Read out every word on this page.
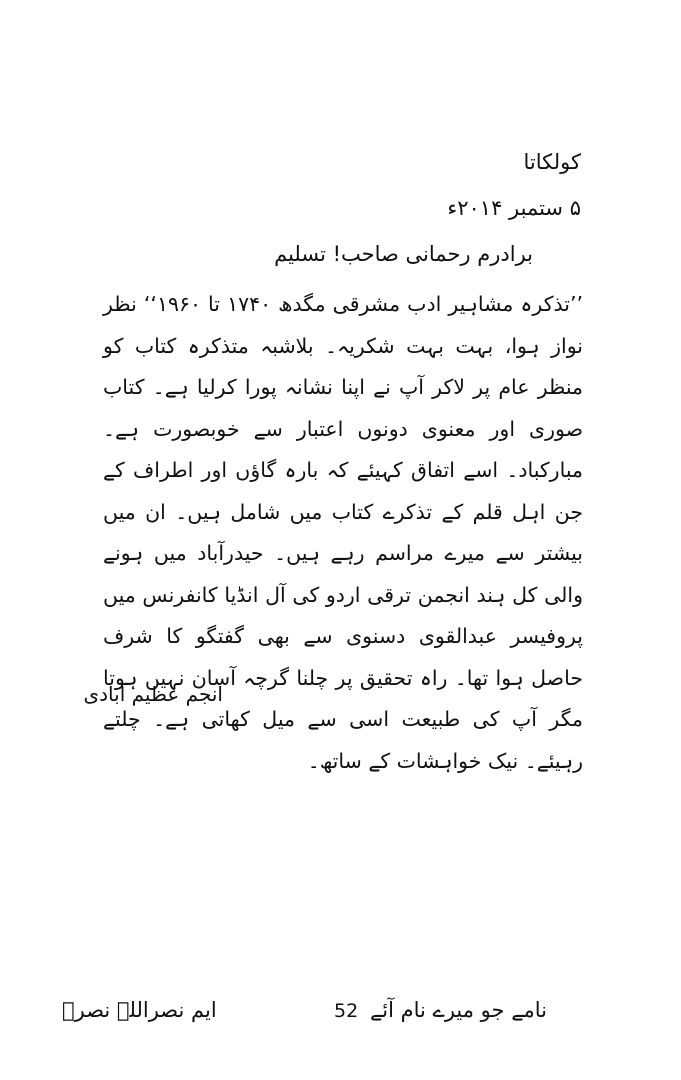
کولکاتا
۵ ستمبر ۲۰۱۴ء
برادرم رحمانی صاحب! تسلیم
’’تذکرہ مشاہیر ادب مشرقی مگدھ ۱۷۴۰ تا ۱۹۶۰‘‘ نظر نواز ہوا، بہت بہت شکریہ۔ بلاشبہ متذکرہ کتاب کو منظر عام پر لاکر آپ نے اپنا نشانہ پورا کرلیا ہے۔ کتاب صوری اور معنوی دونوں اعتبار سے خوبصورت ہے۔ مبارکباد۔ اسے اتفاق کہیئے کہ بارہ گاؤں اور اطراف کے جن اہل قلم کے تذکرے کتاب میں شامل ہیں۔ ان میں بیشتر سے میرے مراسم رہے ہیں۔ حیدرآباد میں ہونے والی کل ہند انجمن ترقی اردو کی آل انڈیا کانفرنس میں پروفیسر عبدالقوی دسنوی سے بھی گفتگو کا شرف حاصل ہوا تھا۔ راہ تحقیق پر چلنا گرچہ آسان نہیں ہوتا مگر آپ کی طبیعت اسی سے میل کھاتی ہے۔ چلتے رہیئے۔ نیک خواہشات کے ساتھ۔
انجم عظیم آبادی
ایم نصراللہ نصرؔ	52 نامے جو میرے نام آئے
